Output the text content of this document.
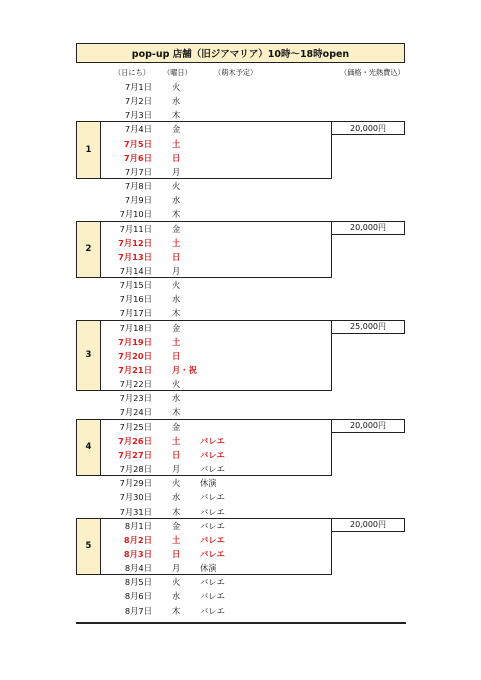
pop-up 店舗（旧ジアマリア）10時〜18時open
（日にち） （曜日）	（萌木予定）	（価格・光熱費込）
7月1日 火
7月2日 水
7月3日 木
7月4日 金
7月5日 土
7月6日 日
7月7日 月
7月8日 火
7月9日 水
7月10日 木
7月11日 金
7月12日 土
7月13日 日
7月14日 月
7月15日 火
7月16日 水
7月17日 木
7月18日 金
7月19日 土
7月20日 日
7月21日 月・祝
7月22日 火
7月23日 水
7月24日 木
7月25日 金
7月26日 土 バレエ
7月27日 日 バレエ
7月28日 月 バレエ
7月29日 火 休演
7月30日 水 バレエ
7月31日 木 バレエ
8月1日 金 バレエ
8月2日 土 バレエ
8月3日 日 バレエ
8月4日 月 休演
8月5日 火 バレエ
8月6日 水 バレエ
8月7日 木 バレエ
1
20,000円
2
20,000円
3
25,000円
4
20,000円
5
20,000円
